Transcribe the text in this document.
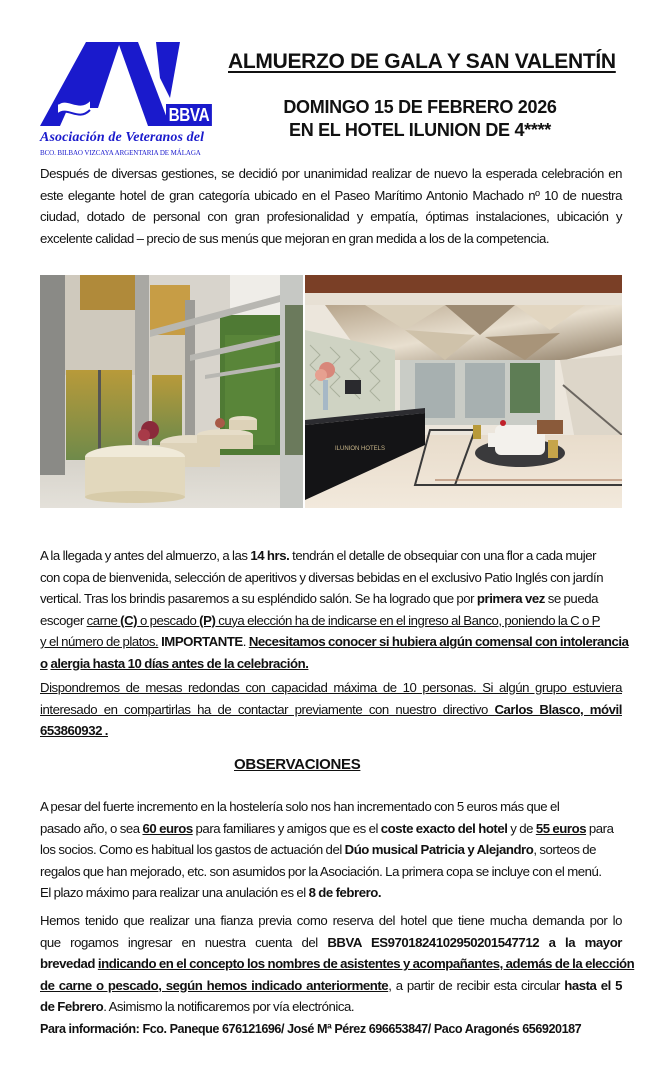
BBVA
Asociación de Veteranos del
BCO. BILBAO VIZCAYA ARGENTARIA DE MÁLAGA
ALMUERZO DE GALA Y SAN VALENTÍN
DOMINGO 15 DE FEBRERO 2026
EN EL HOTEL ILUNION DE 4****
Después de diversas gestiones, se decidió por unanimidad realizar de nuevo la esperada celebración en
este elegante hotel de gran categoría ubicado en el Paseo Marítimo Antonio Machado nº 10 de nuestra
ciudad, dotado de personal con gran profesionalidad y empatía, óptimas instalaciones, ubicación y
excelente calidad – precio de sus menús que mejoran en gran medida a los de la competencia.
ILUNION HOTELS
A la llegada y antes del almuerzo, a las 14 hrs. tendrán el detalle de obsequiar con una flor a cada mujer
con copa de bienvenida, selección de aperitivos y diversas bebidas en el exclusivo Patio Inglés con jardín
vertical. Tras los brindis pasaremos a su espléndido salón. Se ha logrado que por primera vez se pueda
escoger carne (C) o pescado (P) cuya elección ha de indicarse en el ingreso al Banco, poniendo la C o P
y el número de platos. IMPORTANTE. Necesitamos conocer si hubiera algún comensal con intolerancia
o alergia hasta 10 días antes de la celebración.
Dispondremos de mesas redondas con capacidad máxima de 10 personas. Si algún grupo estuviera
interesado en compartirlas ha de contactar previamente con nuestro directivo Carlos Blasco, móvil
653860932 .
OBSERVACIONES
A pesar del fuerte incremento en la hostelería solo nos han incrementado con 5 euros más que el
pasado año, o sea 60 euros para familiares y amigos que es el coste exacto del hotel y de 55 euros para
los socios. Como es habitual los gastos de actuación del Dúo musical Patricia y Alejandro, sorteos de
regalos que han mejorado, etc. son asumidos por la Asociación. La primera copa se incluye con el menú.
El plazo máximo para realizar una anulación es el 8 de febrero.
Hemos tenido que realizar una fianza previa como reserva del hotel que tiene mucha demanda por lo
que rogamos ingresar en nuestra cuenta del BBVA ES9701824102950201547712 a la mayor
brevedad indicando en el concepto los nombres de asistentes y acompañantes, además de la elección
de carne o pescado, según hemos indicado anteriormente, a partir de recibir esta circular hasta el 5
de Febrero. Asimismo la notificaremos por vía electrónica.
Para información: Fco. Paneque 676121696/ José Mª Pérez 696653847/ Paco Aragonés 656920187
